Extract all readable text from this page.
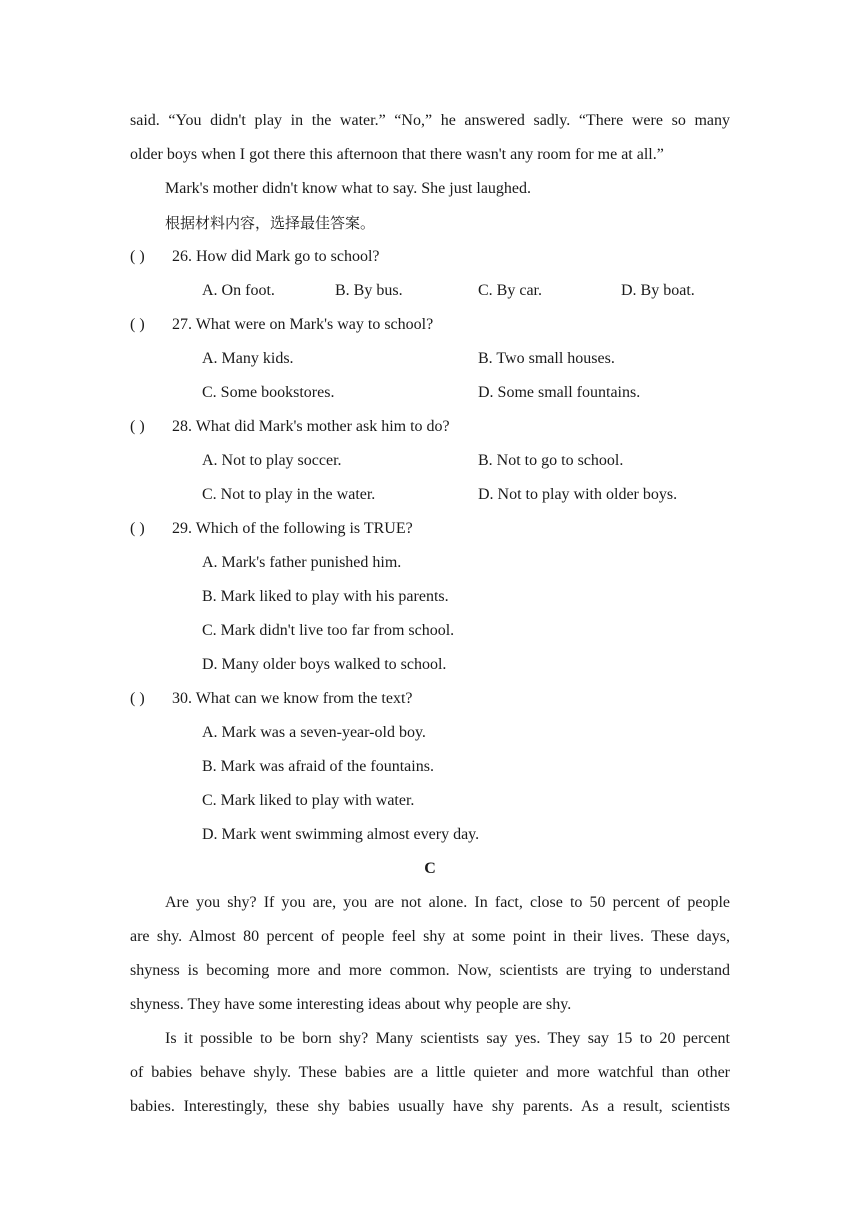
said. “You didn't play in the water.” “No,” he answered sadly. “There were so many
older boys when I got there this afternoon that there wasn't any room for me at all.”
Mark's mother didn't know what to say. She just laughed.
根据材料内容，选择最佳答案。
( ) 26. How did Mark go to school?
A. On foot.	B. By bus.	C. By car.	D. By boat.
( ) 27. What were on Mark's way to school?
A. Many kids.	B. Two small houses.
C. Some bookstores.	D. Some small fountains.
( ) 28. What did Mark's mother ask him to do?
A. Not to play soccer.	B. Not to go to school.
C. Not to play in the water.	D. Not to play with older boys.
( ) 29. Which of the following is TRUE?
A. Mark's father punished him.
B. Mark liked to play with his parents.
C. Mark didn't live too far from school.
D. Many older boys walked to school.
( ) 30. What can we know from the text?
A. Mark was a seven-year-old boy.
B. Mark was afraid of the fountains.
C. Mark liked to play with water.
D. Mark went swimming almost every day.
C
Are you shy? If you are, you are not alone. In fact, close to 50 percent of people
are shy. Almost 80 percent of people feel shy at some point in their lives. These days,
shyness is becoming more and more common. Now, scientists are trying to understand
shyness. They have some interesting ideas about why people are shy.
Is it possible to be born shy? Many scientists say yes. They say 15 to 20 percent
of babies behave shyly. These babies are a little quieter and more watchful than other
babies. Interestingly, these shy babies usually have shy parents. As a result, scientists
